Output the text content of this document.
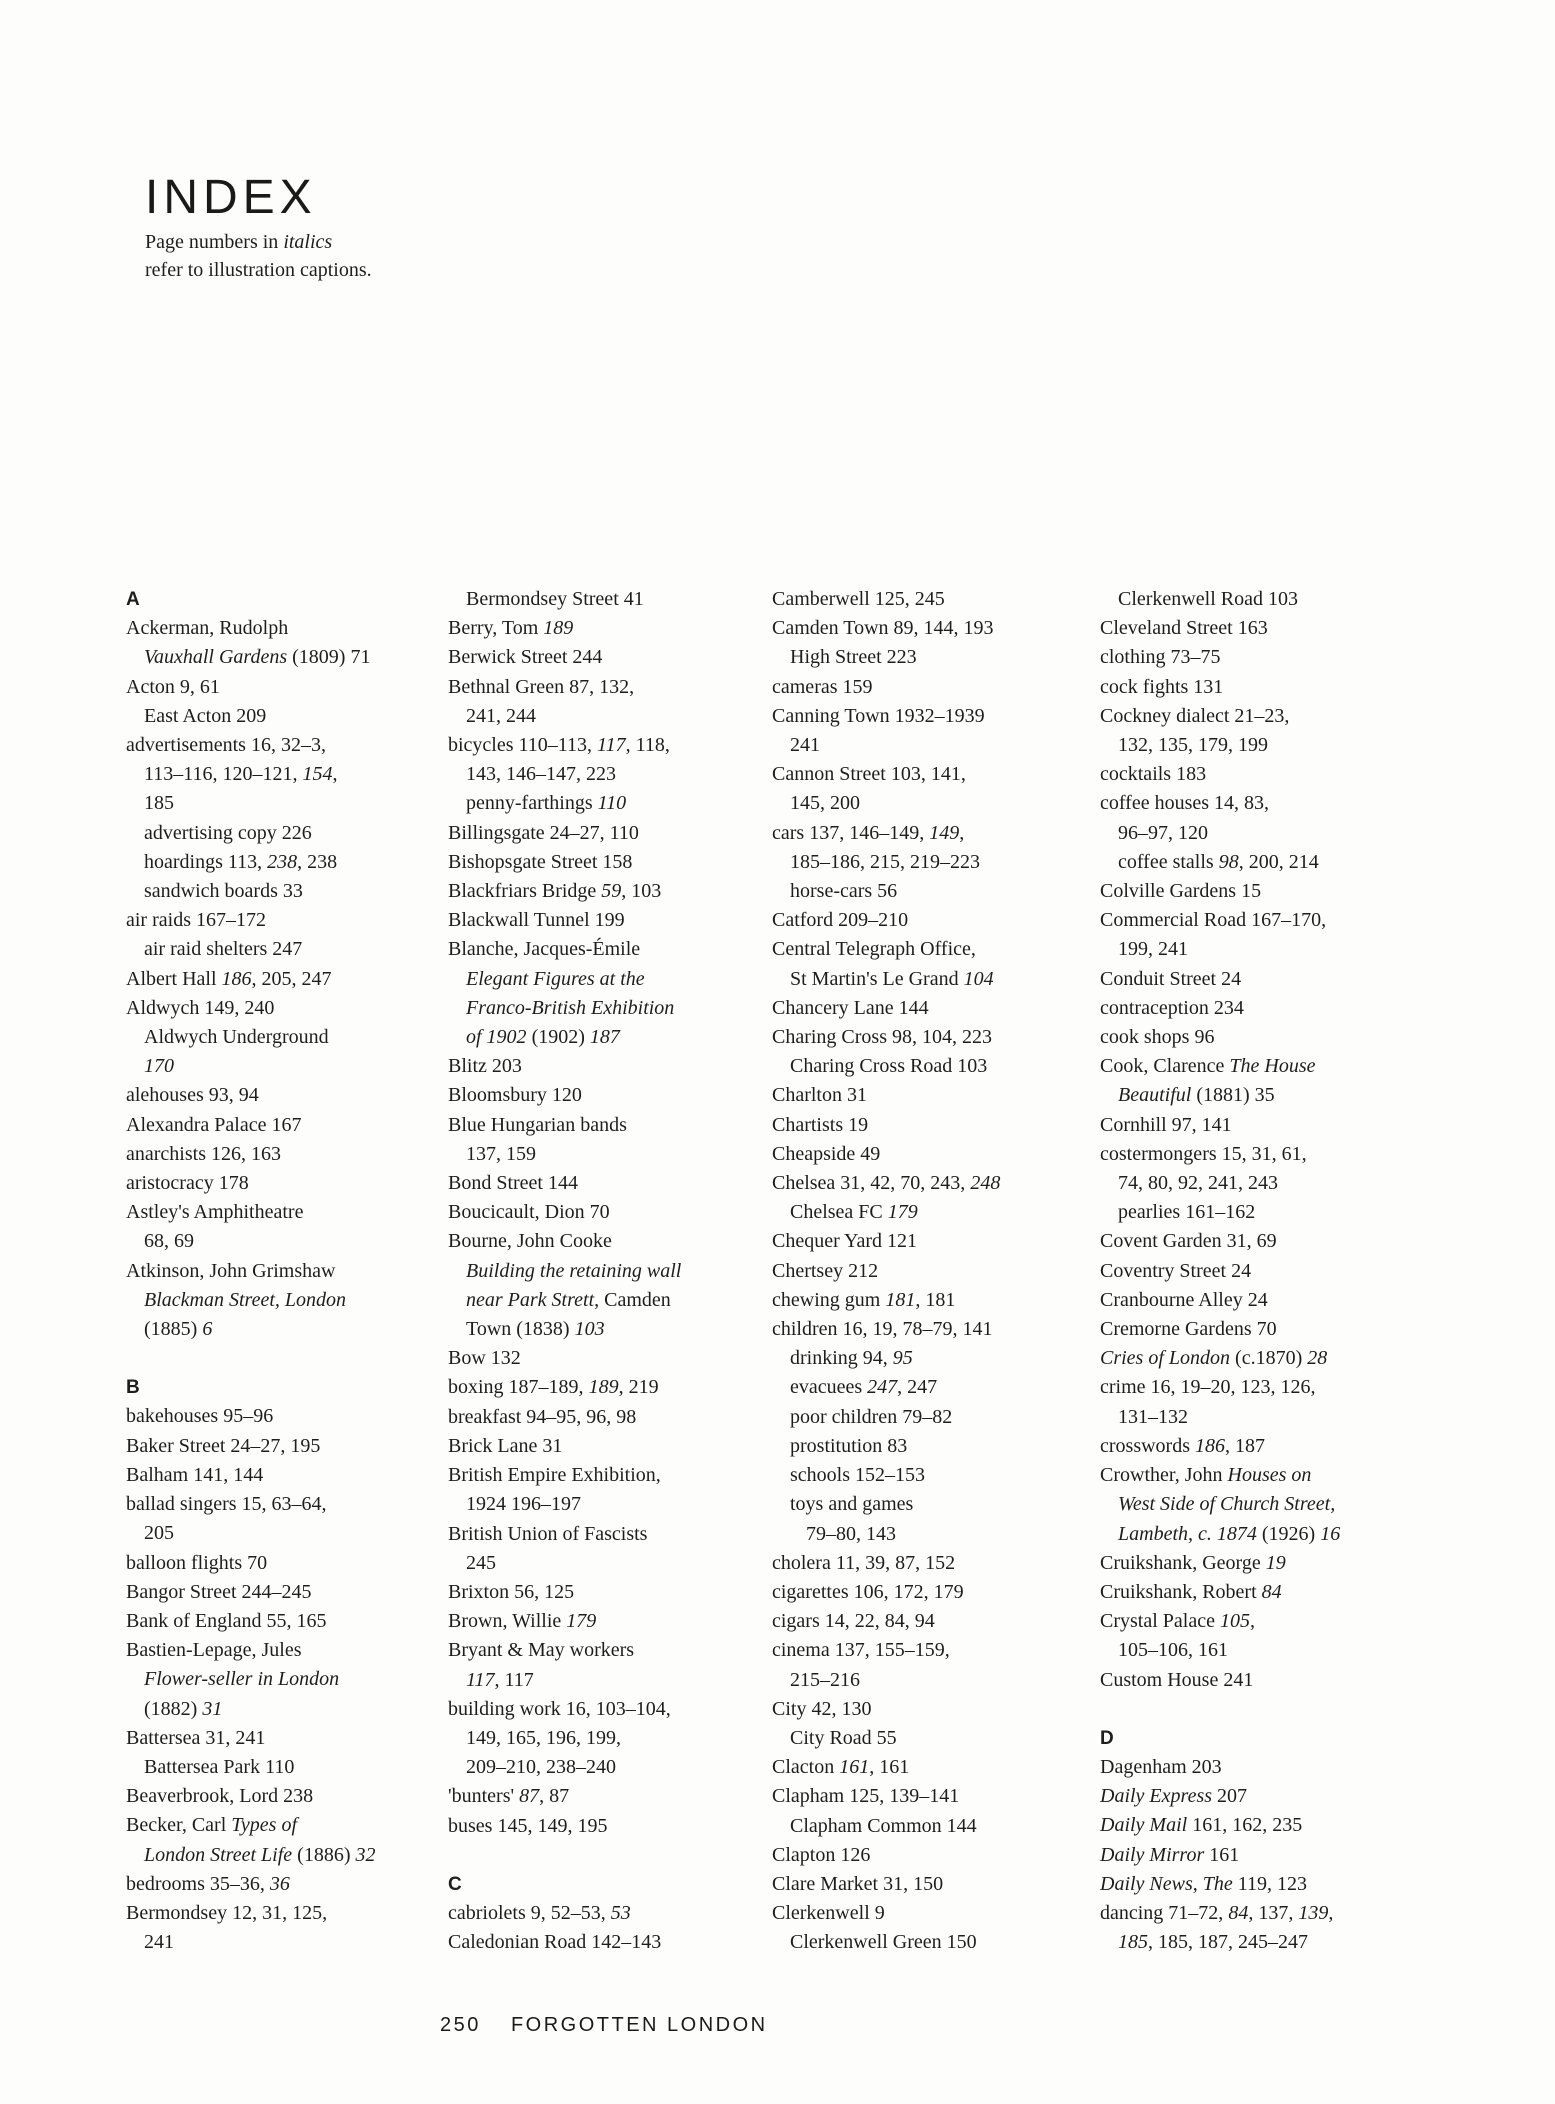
INDEX
Page numbers in italics
refer to illustration captions.
A
Ackerman, Rudolph
Vauxhall Gardens (1809) 71
Acton 9, 61
East Acton 209
advertisements 16, 32–3,
113–116, 120–121, 154,
185
advertising copy 226
hoardings 113, 238, 238
sandwich boards 33
air raids 167–172
air raid shelters 247
Albert Hall 186, 205, 247
Aldwych 149, 240
Aldwych Underground
170
alehouses 93, 94
Alexandra Palace 167
anarchists 126, 163
aristocracy 178
Astley's Amphitheatre
68, 69
Atkinson, John Grimshaw
Blackman Street, London
(1885) 6
B
bakehouses 95–96
Baker Street 24–27, 195
Balham 141, 144
ballad singers 15, 63–64,
205
balloon flights 70
Bangor Street 244–245
Bank of England 55, 165
Bastien-Lepage, Jules
Flower-seller in London
(1882) 31
Battersea 31, 241
Battersea Park 110
Beaverbrook, Lord 238
Becker, Carl Types of
London Street Life (1886) 32
bedrooms 35–36, 36
Bermondsey 12, 31, 125,
241
Bermondsey Street 41
Berry, Tom 189
Berwick Street 244
Bethnal Green 87, 132,
241, 244
bicycles 110–113, 117, 118,
143, 146–147, 223
penny-farthings 110
Billingsgate 24–27, 110
Bishopsgate Street 158
Blackfriars Bridge 59, 103
Blackwall Tunnel 199
Blanche, Jacques-Émile
Elegant Figures at the
Franco-British Exhibition
of 1902 (1902) 187
Blitz 203
Bloomsbury 120
Blue Hungarian bands
137, 159
Bond Street 144
Boucicault, Dion 70
Bourne, John Cooke
Building the retaining wall
near Park Strett, Camden
Town (1838) 103
Bow 132
boxing 187–189, 189, 219
breakfast 94–95, 96, 98
Brick Lane 31
British Empire Exhibition,
1924 196–197
British Union of Fascists
245
Brixton 56, 125
Brown, Willie 179
Bryant & May workers
117, 117
building work 16, 103–104,
149, 165, 196, 199,
209–210, 238–240
'bunters' 87, 87
buses 145, 149, 195
C
cabriolets 9, 52–53, 53
Caledonian Road 142–143
Camberwell 125, 245
Camden Town 89, 144, 193
High Street 223
cameras 159
Canning Town 1932–1939
241
Cannon Street 103, 141,
145, 200
cars 137, 146–149, 149,
185–186, 215, 219–223
horse-cars 56
Catford 209–210
Central Telegraph Office,
St Martin's Le Grand 104
Chancery Lane 144
Charing Cross 98, 104, 223
Charing Cross Road 103
Charlton 31
Chartists 19
Cheapside 49
Chelsea 31, 42, 70, 243, 248
Chelsea FC 179
Chequer Yard 121
Chertsey 212
chewing gum 181, 181
children 16, 19, 78–79, 141
drinking 94, 95
evacuees 247, 247
poor children 79–82
prostitution 83
schools 152–153
toys and games
79–80, 143
cholera 11, 39, 87, 152
cigarettes 106, 172, 179
cigars 14, 22, 84, 94
cinema 137, 155–159,
215–216
City 42, 130
City Road 55
Clacton 161, 161
Clapham 125, 139–141
Clapham Common 144
Clapton 126
Clare Market 31, 150
Clerkenwell 9
Clerkenwell Green 150
Clerkenwell Road 103
Cleveland Street 163
clothing 73–75
cock fights 131
Cockney dialect 21–23,
132, 135, 179, 199
cocktails 183
coffee houses 14, 83,
96–97, 120
coffee stalls 98, 200, 214
Colville Gardens 15
Commercial Road 167–170,
199, 241
Conduit Street 24
contraception 234
cook shops 96
Cook, Clarence The House
Beautiful (1881) 35
Cornhill 97, 141
costermongers 15, 31, 61,
74, 80, 92, 241, 243
pearlies 161–162
Covent Garden 31, 69
Coventry Street 24
Cranbourne Alley 24
Cremorne Gardens 70
Cries of London (c.1870) 28
crime 16, 19–20, 123, 126,
131–132
crosswords 186, 187
Crowther, John Houses on
West Side of Church Street,
Lambeth, c. 1874 (1926) 16
Cruikshank, George 19
Cruikshank, Robert 84
Crystal Palace 105,
105–106, 161
Custom House 241
D
Dagenham 203
Daily Express 207
Daily Mail 161, 162, 235
Daily Mirror 161
Daily News, The 119, 123
dancing 71–72, 84, 137, 139,
185, 185, 187, 245–247
250 FORGOTTEN LONDON
